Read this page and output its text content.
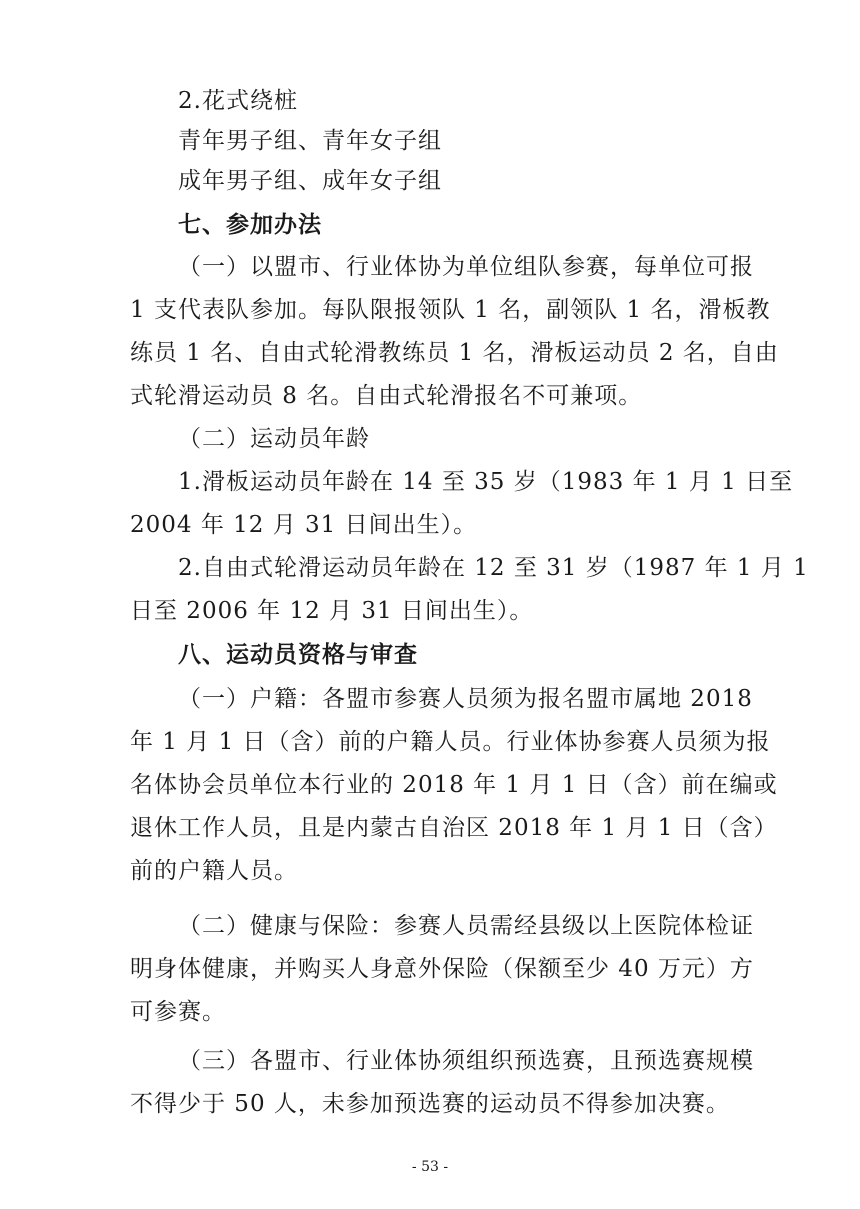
2.花式绕桩
青年男子组、青年女子组
成年男子组、成年女子组
七、参加办法
（一）以盟市、行业体协为单位组队参赛，每单位可报
1 支代表队参加。每队限报领队 1 名，副领队 1 名，滑板教
练员 1 名、自由式轮滑教练员 1 名，滑板运动员 2 名，自由
式轮滑运动员 8 名。自由式轮滑报名不可兼项。
（二）运动员年龄
1.滑板运动员年龄在 14 至 35 岁（1983 年 1 月 1 日至
2004 年 12 月 31 日间出生）。
2.自由式轮滑运动员年龄在 12 至 31 岁（1987 年 1 月 1
日至 2006 年 12 月 31 日间出生）。
八、运动员资格与审查
（一）户籍：各盟市参赛人员须为报名盟市属地 2018
年 1 月 1 日（含）前的户籍人员。行业体协参赛人员须为报
名体协会员单位本行业的 2018 年 1 月 1 日（含）前在编或
退休工作人员，且是内蒙古自治区 2018 年 1 月 1 日（含）
前的户籍人员。
（二）健康与保险：参赛人员需经县级以上医院体检证
明身体健康，并购买人身意外保险（保额至少 40 万元）方
可参赛。
（三）各盟市、行业体协须组织预选赛，且预选赛规模
不得少于 50 人，未参加预选赛的运动员不得参加决赛。
- 53 -
